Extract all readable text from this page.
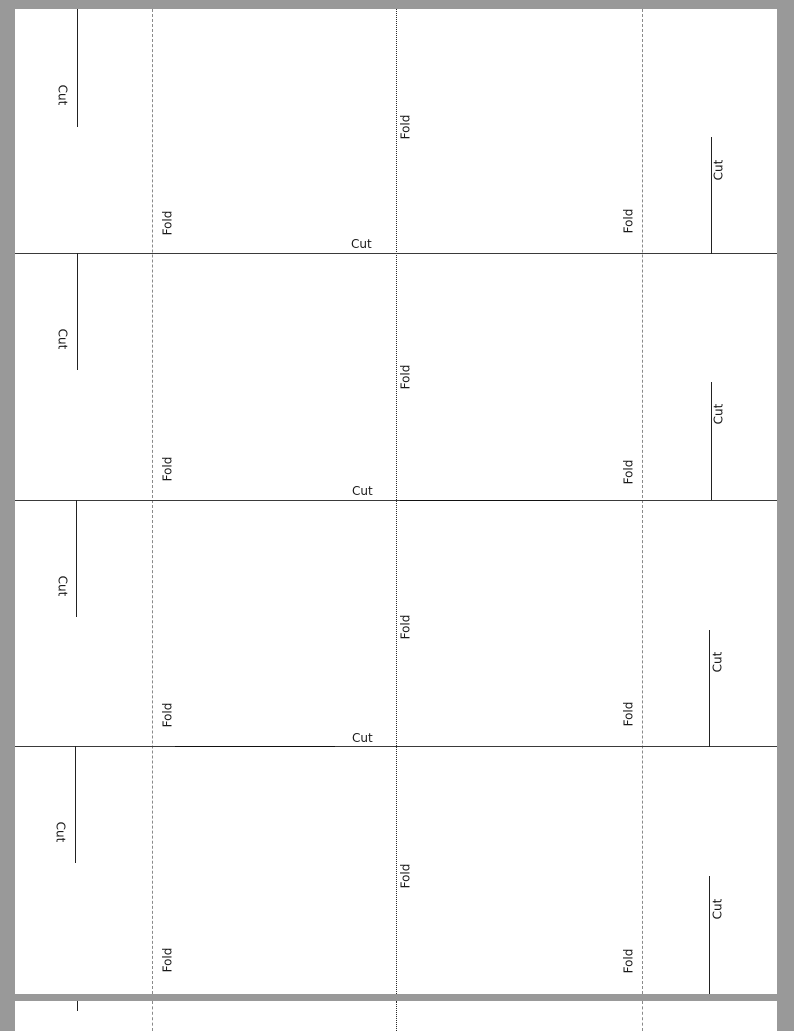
Cut
Fold
Cut
Fold
Fold
Cut
Cut
Fold
Cut
Fold
Fold
Cut
Cut
Fold
Cut
Fold
Fold
Cut
Cut
Fold
Fold
Fold
Cut
